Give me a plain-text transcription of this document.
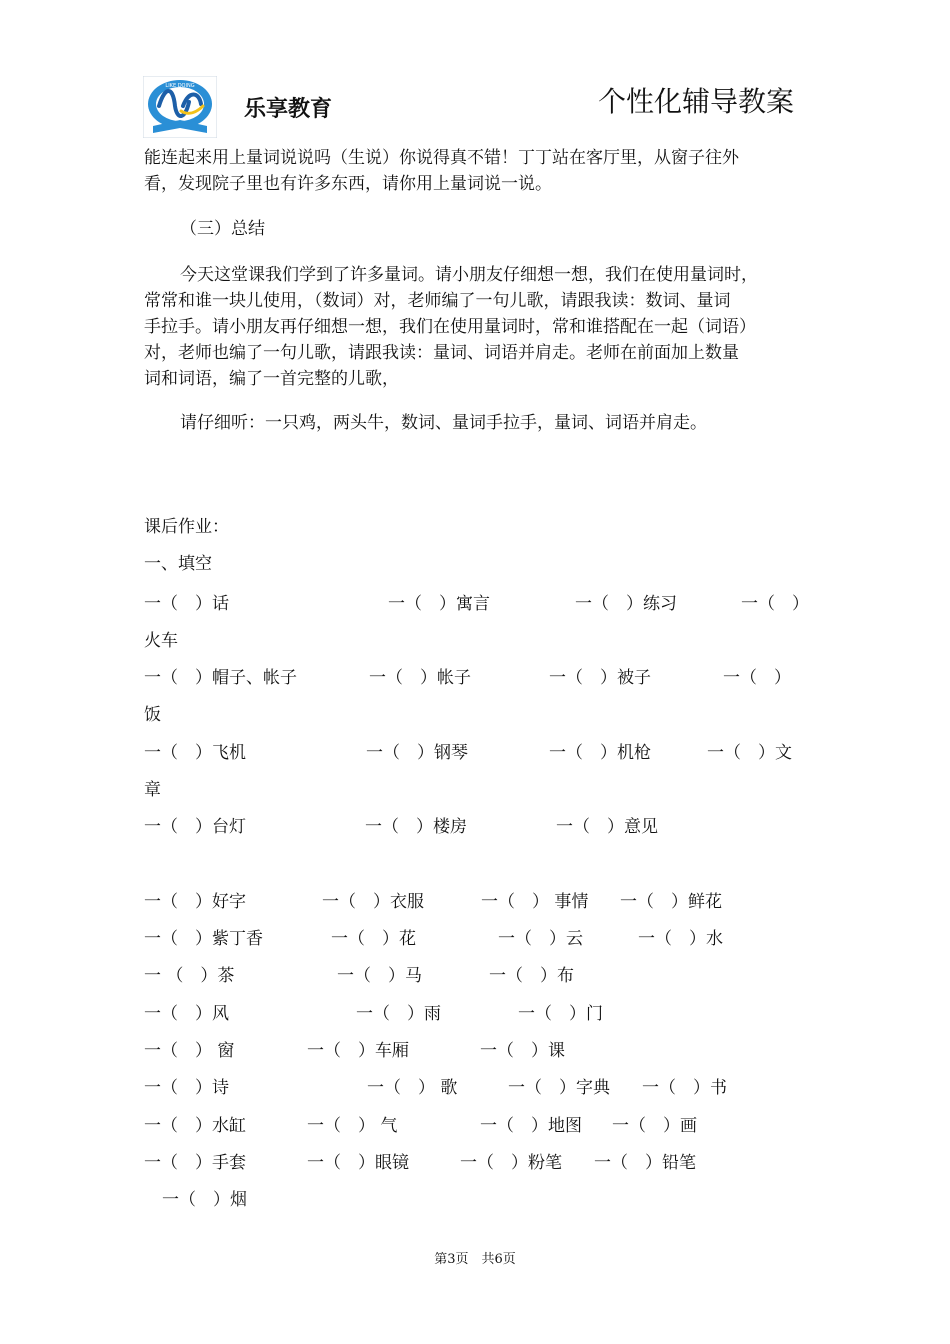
LIKE DOING
乐享教育	个性化辅导教案
能连起来用上量词说说吗（生说）你说得真不错！丁丁站在客厅里，从窗子往外
看，发现院子里也有许多东西，请你用上量词说一说。
（三）总结
今天这堂课我们学到了许多量词。请小朋友仔细想一想，我们在使用量词时，
常常和谁一块儿使用，（数词）对，老师编了一句儿歌，请跟我读：数词、量词
手拉手。请小朋友再仔细想一想，我们在使用量词时，常和谁搭配在一起（词语）
对，老师也编了一句儿歌，请跟我读：量词、词语并肩走。老师在前面加上数量
词和词语，编了一首完整的儿歌，
请仔细听：一只鸡，两头牛，数词、量词手拉手，量词、词语并肩走。
课后作业：
一、填空
一（　）话	一（　）寓言	一（　）练习	一（　）
火车
一（　）帽子、帐子	一（　）帐子	一（　）被子	一（　）
饭
一（　）飞机	一（　）钢琴	一（　）机枪	一（　）文
章
一（　）台灯	一（　）楼房	一（　）意见
一（　）好字	一（　）衣服	一（　） 事情 一（　）鲜花
一（　）紫丁香	一（　）花	一（　）云	一（　）水
一 （　）茶	一（　）马	一（　）布
一（　）风	一（　）雨	一（　）门
一（　） 窗	一（　）车厢	一（　）课
一（　）诗	一（　） 歌	一（　）字典 一（　）书
一（　）水缸	一（　） 气	一（　）地图 一（　）画
一（　）手套	一（　）眼镜	一（　）粉笔 一（　）铅笔
一（　）烟
第3页　共6页
